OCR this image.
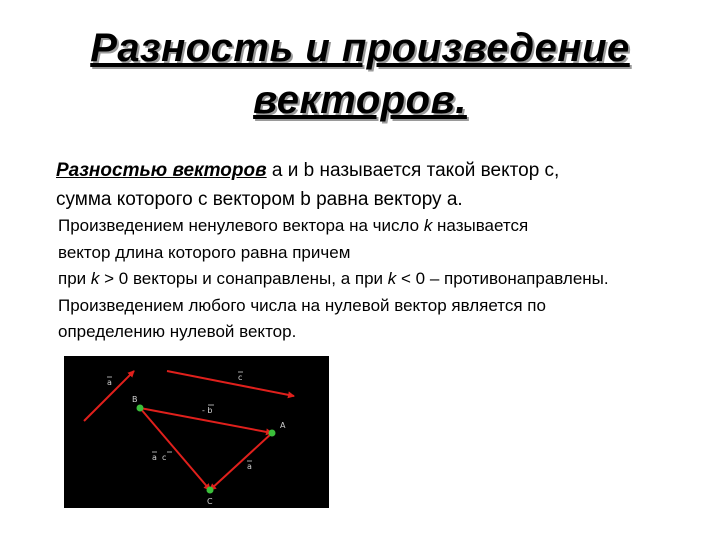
Разность и произведение
векторов.
Разностью векторов a и b называется такой вектор c,
сумма которого с вектором b равна вектору a.
Произведением ненулевого вектора на число k называется
вектор длина которого равна причем
при k > 0 векторы и сонаправлены, а при k < 0 – противонаправлены.
Произведением любого числа на нулевой вектор является по
определению нулевой вектор.
a
c
B
- b
A
a  c
a
C
